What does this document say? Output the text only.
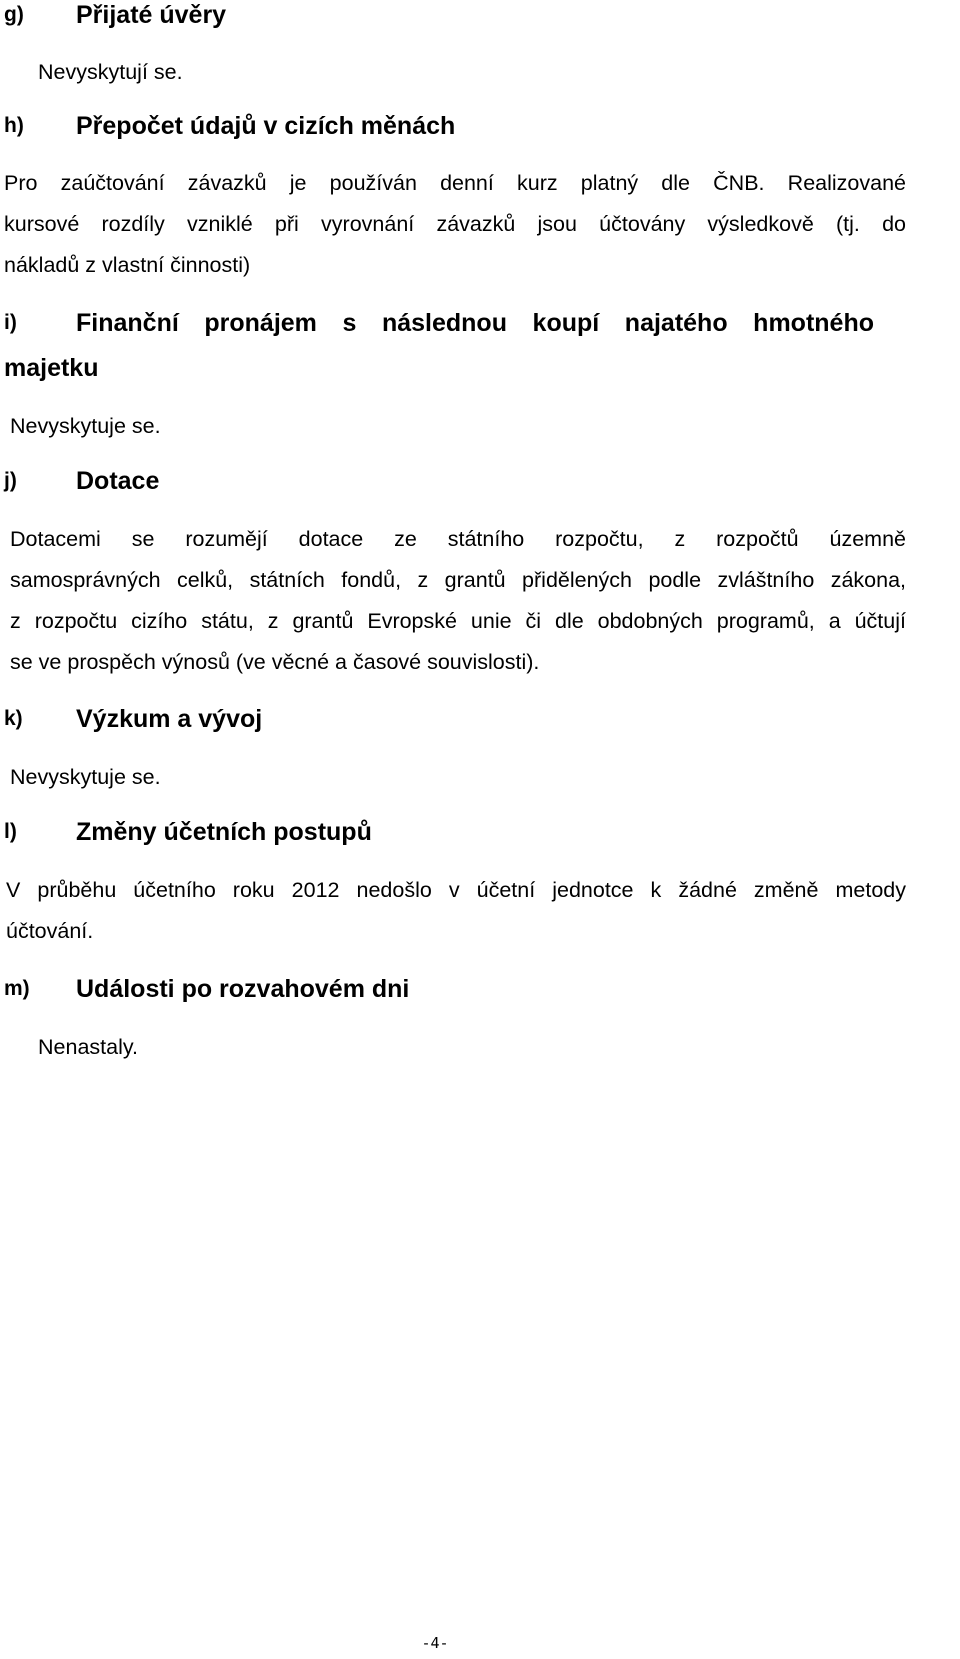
g) Přijaté úvěry
Nevyskytují se.
h) Přepočet údajů v cizích měnách
Pro zaúčtování závazků je používán denní kurz platný dle ČNB. Realizované
kursové rozdíly vzniklé při vyrovnání závazků jsou účtovány výsledkově (tj. do
nákladů z vlastní činnosti)
i) Finanční pronájem s následnou koupí najatého hmotného
majetku
Nevyskytuje se.
j) Dotace
Dotacemi se rozumějí dotace ze státního rozpočtu, z rozpočtů územně
samosprávných celků, státních fondů, z grantů přidělených podle zvláštního zákona,
z rozpočtu cizího státu, z grantů Evropské unie či dle obdobných programů, a účtují
se ve prospěch výnosů (ve věcné a časové souvislosti).
k) Výzkum a vývoj
Nevyskytuje se.
l) Změny účetních postupů
V průběhu účetního roku 2012 nedošlo v účetní jednotce k žádné změně metody
účtování.
m) Události po rozvahovém dni
Nenastaly.
-4-
